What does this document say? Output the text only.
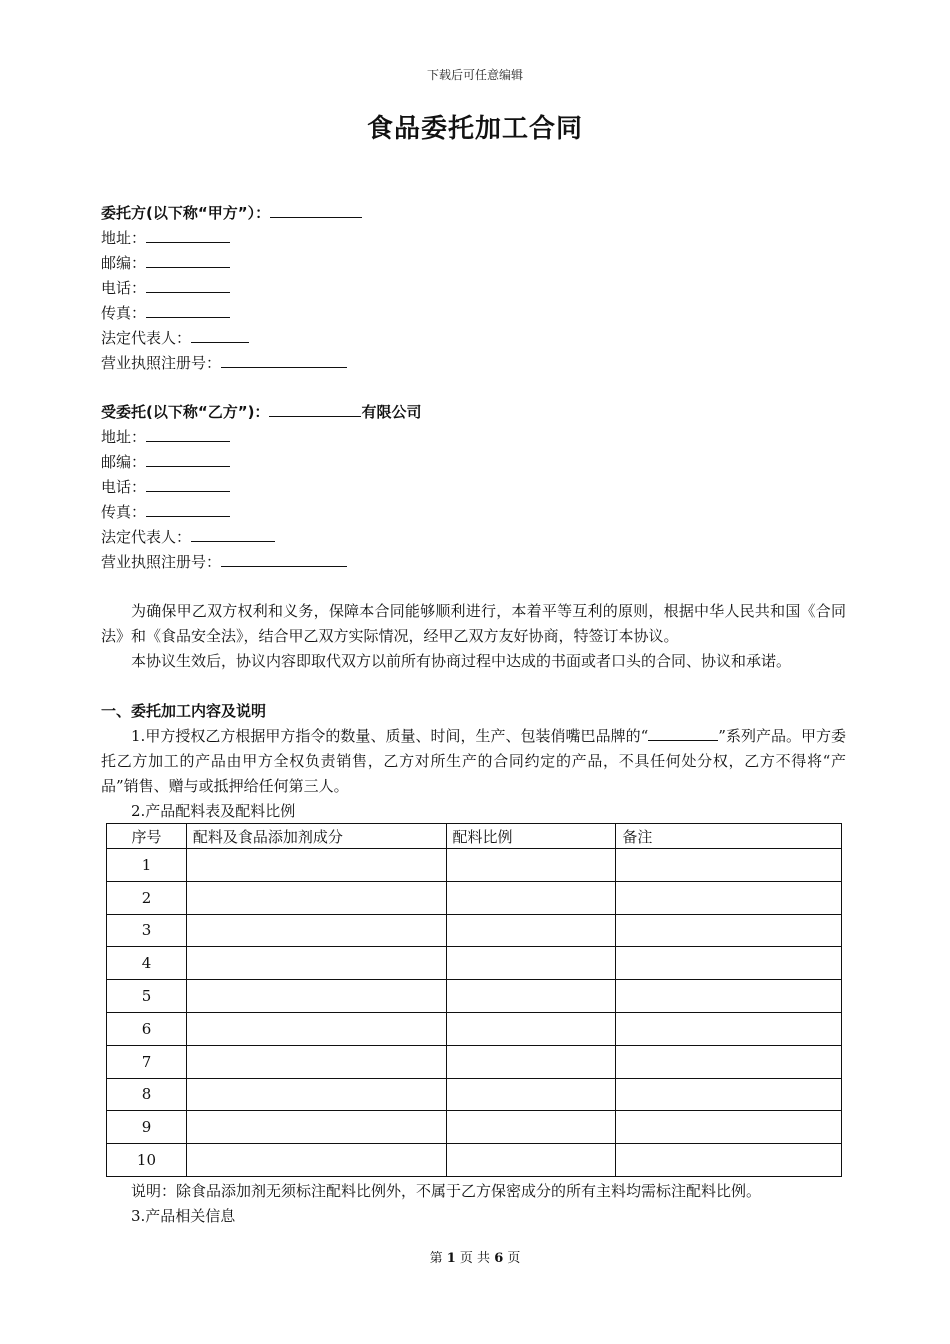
下载后可任意编辑
食品委托加工合同
委托方(以下称“甲方”）：
地址：
邮编：
电话：
传真：
法定代表人：
营业执照注册号：
受委托(以下称“乙方”)：	有限公司
地址：
邮编：
电话：
传真：
法定代表人：
营业执照注册号：
为确保甲乙双方权利和义务，保障本合同能够顺利进行，本着平等互利的原则，根据中华人民共和国《合同法》和《食品安全法》，结合甲乙双方实际情况，经甲乙双方友好协商，特签订本协议。
本协议生效后，协议内容即取代双方以前所有协商过程中达成的书面或者口头的合同、协议和承诺。
一、委托加工内容及说明
1.甲方授权乙方根据甲方指令的数量、质量、时间，生产、包装俏嘴巴品牌的“	”系列产品。甲方委托乙方加工的产品由甲方全权负责销售，乙方对所生产的合同约定的产品，不具任何处分权，乙方不得将“产品”销售、赠与或抵押给任何第三人。
2.产品配料表及配料比例
序号	配料及食品添加剂成分	配料比例	备注
1			
2			
3			
4			
5			
6			
7			
8			
9			
10			
说明：除食品添加剂无须标注配料比例外，不属于乙方保密成分的所有主料均需标注配料比例。
3.产品相关信息
第 1 页 共 6 页
